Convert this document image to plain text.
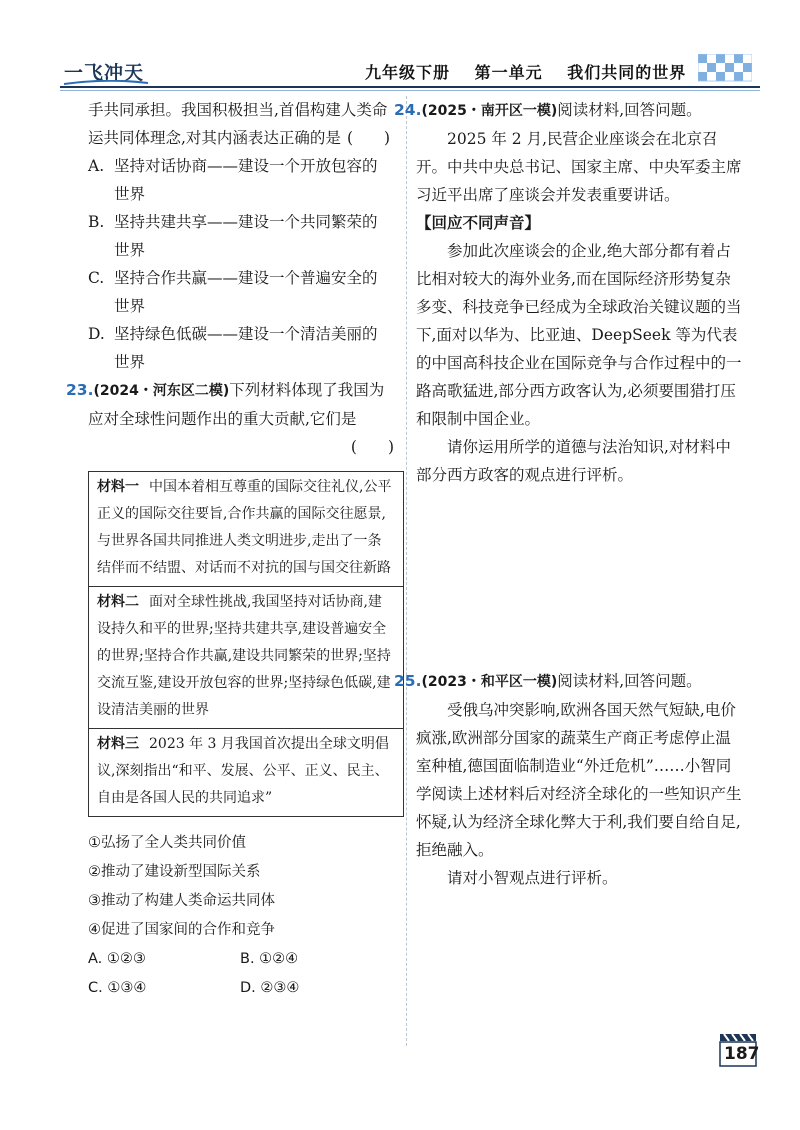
一飞冲天	九年级下册 第一单元 我们共同的世界

手共同承担。我国积极担当,首倡构建人类命

运共同体理念,对其内涵表达正确的是 (　　)

A. 坚持对话协商——建设一个开放包容的

世界

B. 坚持共建共享——建设一个共同繁荣的

世界

C. 坚持合作共赢——建设一个普遍安全的

世界

D. 坚持绿色低碳——建设一个清洁美丽的

世界

23.(2024・河东区二模)下列材料体现了我国为

应对全球性问题作出的重大贡献,它们是

(　　)

材料一 中国本着相互尊重的国际交往礼仪,公平正义的国际交往要旨,合作共赢的国际交往愿景,与世界各国共同推进人类文明进步,走出了一条结伴而不结盟、对话而不对抗的国与国交往新路
材料二 面对全球性挑战,我国坚持对话协商,建设持久和平的世界;坚持共建共享,建设普遍安全的世界;坚持合作共赢,建设共同繁荣的世界;坚持交流互鉴,建设开放包容的世界;坚持绿色低碳,建设清洁美丽的世界
材料三 2023 年 3 月我国首次提出全球文明倡议,深刻指出“和平、发展、公平、正义、民主、自由是各国人民的共同追求”

①弘扬了全人类共同价值

②推动了建设新型国际关系

③推动了构建人类命运共同体

④促进了国家间的合作和竞争

A. ①②③	B. ①②④
C. ①③④	D. ②③④

24.(2025・南开区一模)阅读材料,回答问题。

2025 年 2 月,民营企业座谈会在北京召开。中共中央总书记、国家主席、中央军委主席习近平出席了座谈会并发表重要讲话。

【回应不同声音】

参加此次座谈会的企业,绝大部分都有着占比相对较大的海外业务,而在国际经济形势复杂多变、科技竞争已经成为全球政治关键议题的当下,面对以华为、比亚迪、DeepSeek 等为代表的中国高科技企业在国际竞争与合作过程中的一路高歌猛进,部分西方政客认为,必须要围猎打压和限制中国企业。

请你运用所学的道德与法治知识,对材料中部分西方政客的观点进行评析。

25.(2023・和平区一模)阅读材料,回答问题。

受俄乌冲突影响,欧洲各国天然气短缺,电价疯涨,欧洲部分国家的蔬菜生产商正考虑停止温室种植,德国面临制造业“外迁危机”……小智同学阅读上述材料后对经济全球化的一些知识产生怀疑,认为经济全球化弊大于利,我们要自给自足,拒绝融入。

请对小智观点进行评析。

187
